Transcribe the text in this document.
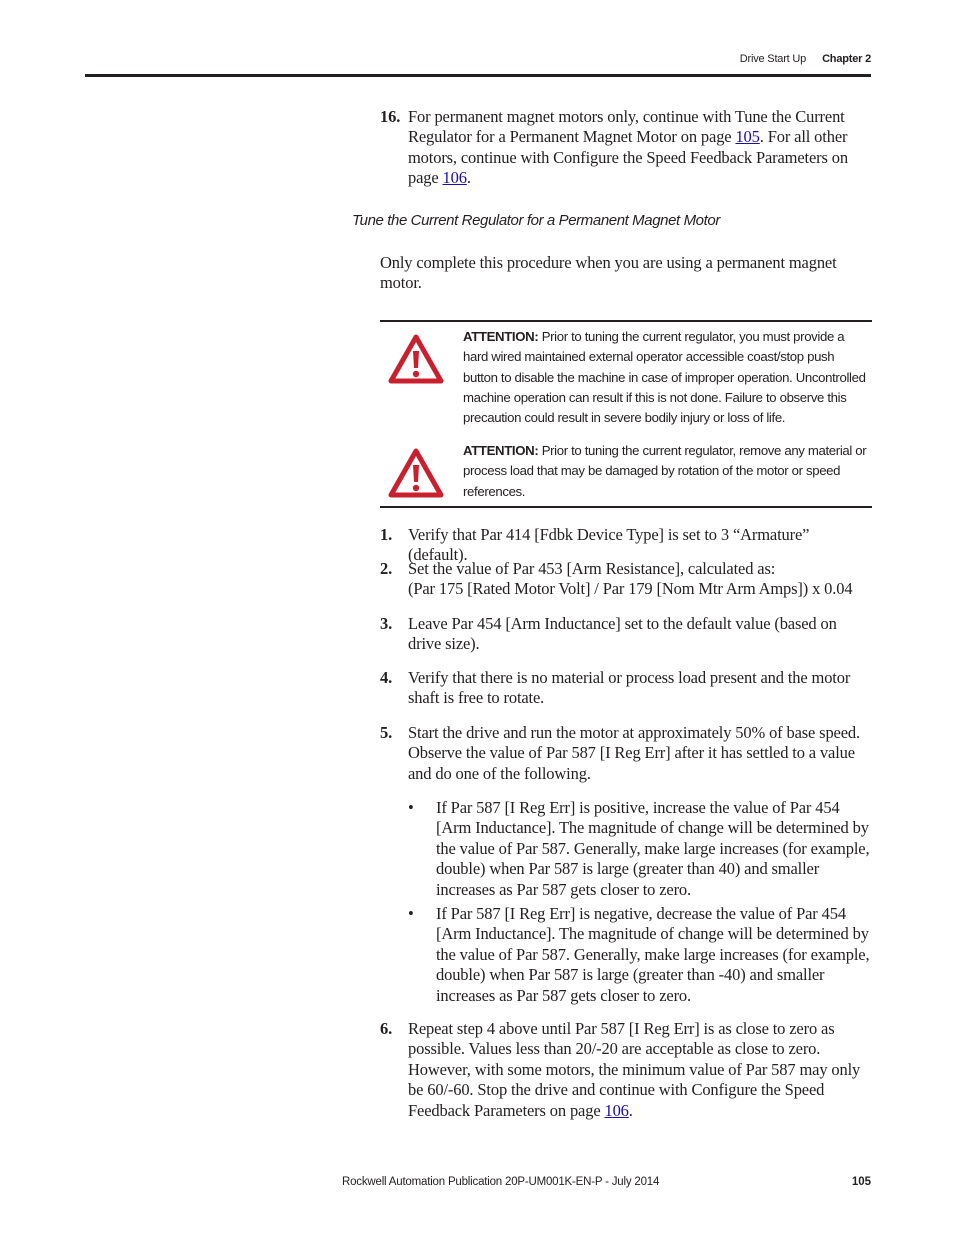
Drive Start Up Chapter 2
16. For permanent magnet motors only, continue with Tune the Current Regulator for a Permanent Magnet Motor on page 105. For all other motors, continue with Configure the Speed Feedback Parameters on page 106.
Tune the Current Regulator for a Permanent Magnet Motor
Only complete this procedure when you are using a permanent magnet motor.
ATTENTION: Prior to tuning the current regulator, you must provide a hard wired maintained external operator accessible coast/stop push button to disable the machine in case of improper operation. Uncontrolled machine operation can result if this is not done. Failure to observe this precaution could result in severe bodily injury or loss of life.
ATTENTION: Prior to tuning the current regulator, remove any material or process load that may be damaged by rotation of the motor or speed references.
1. Verify that Par 414 [Fdbk Device Type] is set to 3 “Armature” (default).
2. Set the value of Par 453 [Arm Resistance], calculated as:
(Par 175 [Rated Motor Volt] / Par 179 [Nom Mtr Arm Amps]) x 0.04
3. Leave Par 454 [Arm Inductance] set to the default value (based on drive size).
4. Verify that there is no material or process load present and the motor shaft is free to rotate.
5. Start the drive and run the motor at approximately 50% of base speed. Observe the value of Par 587 [I Reg Err] after it has settled to a value and do one of the following.
•	If Par 587 [I Reg Err] is positive, increase the value of Par 454 [Arm Inductance]. The magnitude of change will be determined by the value of Par 587. Generally, make large increases (for example, double) when Par 587 is large (greater than 40) and smaller increases as Par 587 gets closer to zero.
•	If Par 587 [I Reg Err] is negative, decrease the value of Par 454 [Arm Inductance]. The magnitude of change will be determined by the value of Par 587. Generally, make large increases (for example, double) when Par 587 is large (greater than -40) and smaller increases as Par 587 gets closer to zero.
6. Repeat step 4 above until Par 587 [I Reg Err] is as close to zero as possible. Values less than 20/-20 are acceptable as close to zero. However, with some motors, the minimum value of Par 587 may only be 60/-60. Stop the drive and continue with Configure the Speed Feedback Parameters on page 106.
Rockwell Automation Publication 20P-UM001K-EN-P - July 2014	105
